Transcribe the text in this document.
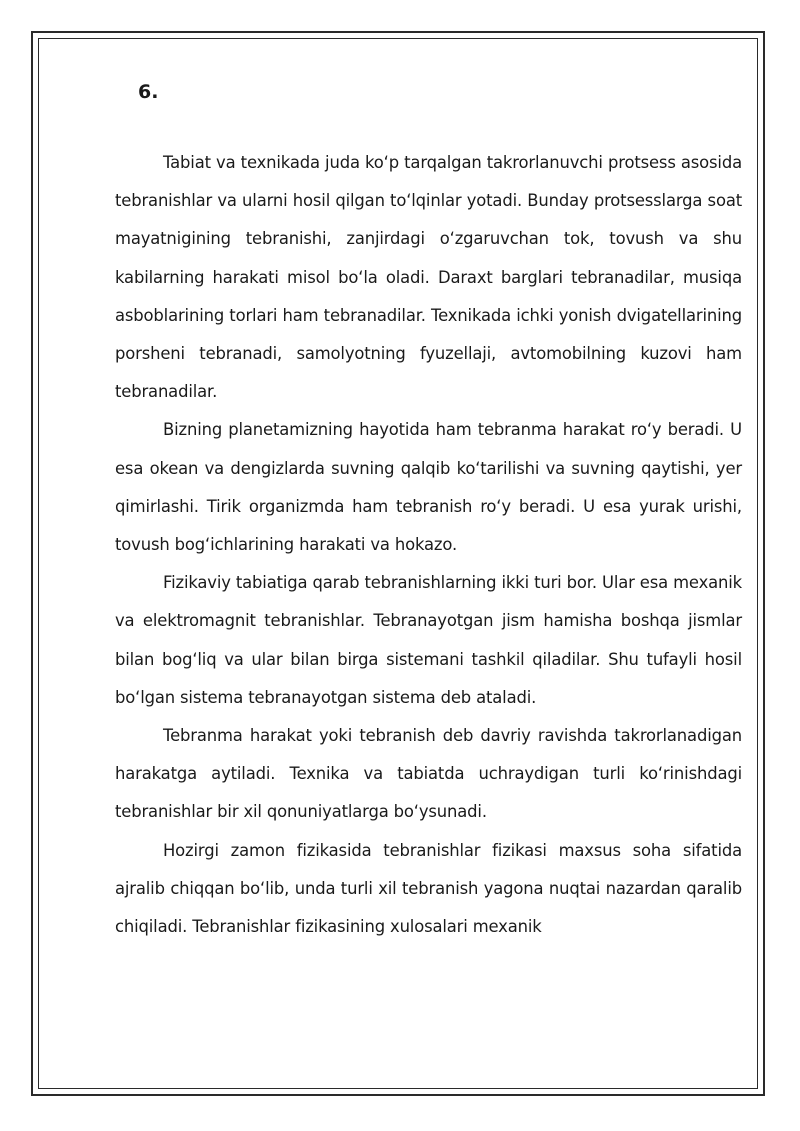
6.

Tabiat va texnikada juda ko‘p tarqalgan takrorlanuvchi protsess asosida tebranishlar va ularni hosil qilgan to‘lqinlar yotadi. Bunday protsesslarga soat mayatnigining tebranishi, zanjirdagi o‘zgaruvchan tok, tovush va shu kabilarning harakati misol bo‘la oladi. Daraxt barglari tebranadilar, musiqa asboblarining torlari ham tebranadilar. Texnikada ichki yonish dvigatellarining porsheni tebranadi, samolyotning fyuzellaji, avtomobilning kuzovi ham tebranadilar.

Bizning planetamizning hayotida ham tebranma harakat ro‘y beradi. U esa okean va dengizlarda suvning qalqib ko‘tarilishi va suvning qaytishi, yer qimirlashi. Tirik organizmda ham tebranish ro‘y beradi. U esa yurak urishi, tovush bog‘ichlarining harakati va hokazo.

Fizikaviy tabiatiga qarab tebranishlarning ikki turi bor. Ular esa mexanik va elektromagnit tebranishlar. Tebranayotgan jism hamisha boshqa jismlar bilan bog‘liq va ular bilan birga sistemani tashkil qiladilar. Shu tufayli hosil bo‘lgan sistema tebranayotgan sistema deb ataladi.

Tebranma harakat yoki tebranish deb davriy ravishda takrorlanadigan harakatga aytiladi. Texnika va tabiatda uchraydigan turli ko‘rinishdagi tebranishlar bir xil qonuniyatlarga bo‘ysunadi.

Hozirgi zamon fizikasida tebranishlar fizikasi maxsus soha sifatida ajralib chiqqan bo‘lib, unda turli xil tebranish yagona nuqtai nazardan qaralib chiqiladi. Tebranishlar fizikasining xulosalari mexanik
